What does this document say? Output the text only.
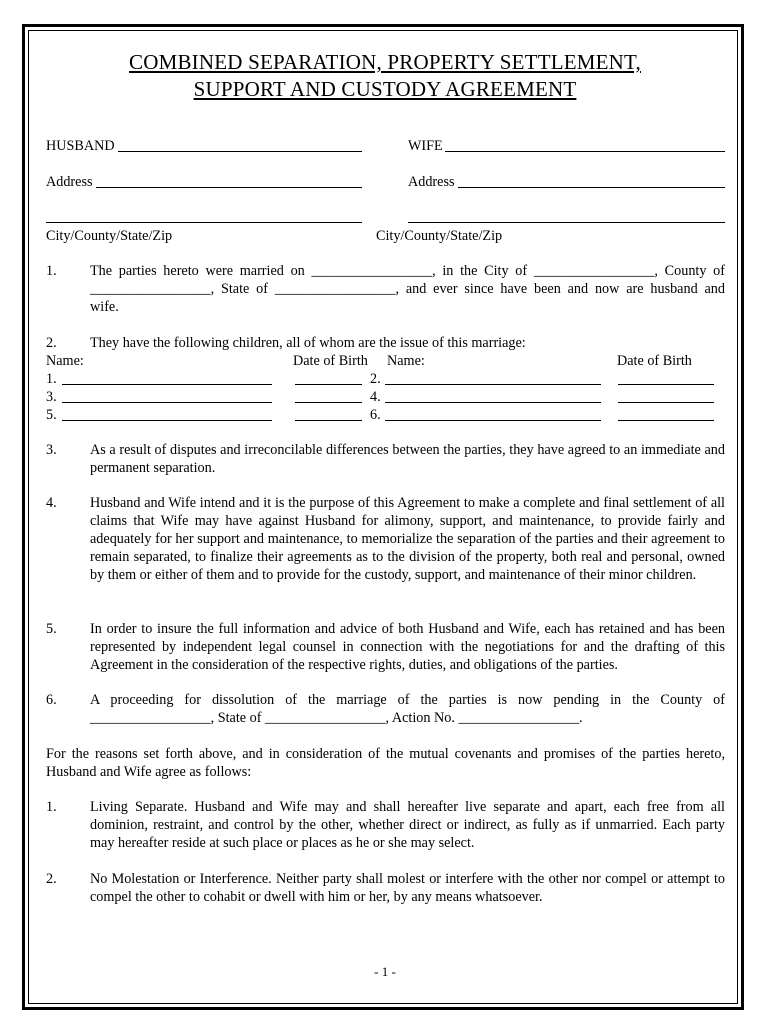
COMBINED SEPARATION, PROPERTY SETTLEMENT,
SUPPORT AND CUSTODY AGREEMENT
HUSBAND	WIFE
Address	Address
City/County/State/Zip	City/County/State/Zip
1. The parties hereto were married on _________________, in the City of _________________, County of
_________________, State of _________________, and ever since have been and now are husband and
wife.
2. They have the following children, all of whom are the issue of this marriage:
Name:	Date of Birth Name:	Date of Birth
1.	2.
3.	4.
5.	6.
3. As a result of disputes and irreconcilable differences between the parties, they have agreed to an immediate and permanent separation.
4. Husband and Wife intend and it is the purpose of this Agreement to make a complete and final settlement of all claims that Wife may have against Husband for alimony, support, and maintenance, to provide fairly and adequately for her support and maintenance, to memorialize the separation of the parties and their agreement to remain separated, to finalize their agreements as to the division of the property, both real and personal, owned by them or either of them and to provide for the custody, support, and maintenance of their minor children.
5. In order to insure the full information and advice of both Husband and Wife, each has retained and has been represented by independent legal counsel in connection with the negotiations for and the drafting of this Agreement in the consideration of the respective rights, duties, and obligations of the parties.
6. A proceeding for dissolution of the marriage of the parties is now pending in the County of
_________________, State of _________________, Action No. _________________.
For the reasons set forth above, and in consideration of the mutual covenants and promises of the parties hereto, Husband and Wife agree as follows:
1. Living Separate. Husband and Wife may and shall hereafter live separate and apart, each free from all dominion, restraint, and control by the other, whether direct or indirect, as fully as if unmarried. Each party may hereafter reside at such place or places as he or she may select.
2. No Molestation or Interference. Neither party shall molest or interfere with the other nor compel or attempt to compel the other to cohabit or dwell with him or her, by any means whatsoever.
- 1 -
